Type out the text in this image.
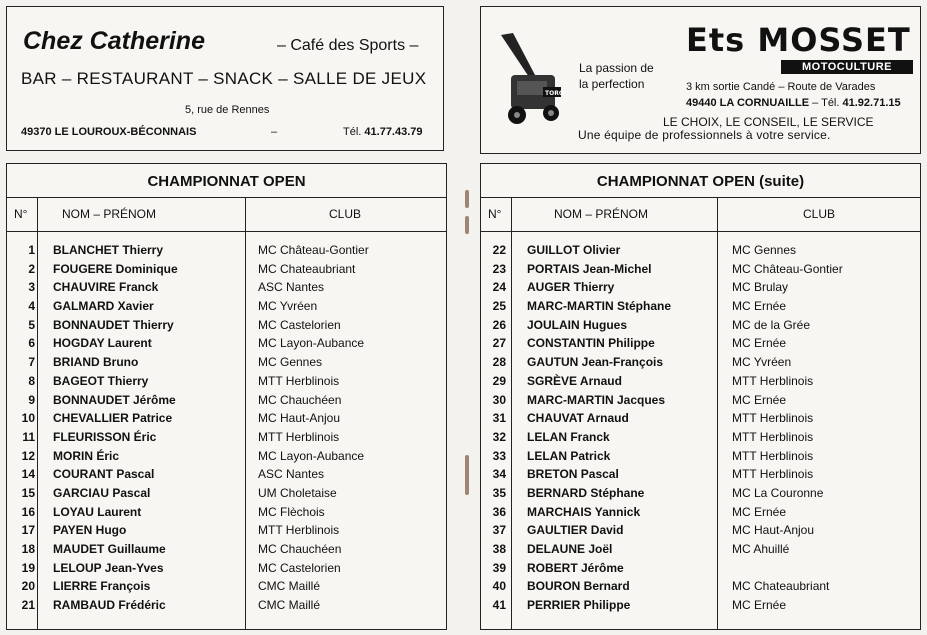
Chez Catherine	– Café des Sports –
BAR – RESTAURANT – SNACK – SALLE DE JEUX
5, rue de Rennes
49370 LE LOUROUX-BÉCONNAIS	–	Tél. 41.77.43.79
TORO
La passion de
la perfection
Ets MOSSET
MOTOCULTURE
3 km sortie Candé – Route de Varades
49440 LA CORNUAILLE – Tél. 41.92.71.15
LE CHOIX, LE CONSEIL, LE SERVICE
Une équipe de professionnels à votre service.
CHAMPIONNAT OPEN
N°	NOM – PRÉNOM	CLUB
1 BLANCHET Thierry	MC Château-Gontier
2 FOUGERE Dominique	MC Chateaubriant
3 CHAUVIRE Franck	ASC Nantes
4 GALMARD Xavier	MC Yvréen
5 BONNAUDET Thierry	MC Castelorien
6 HOGDAY Laurent	MC Layon-Aubance
7 BRIAND Bruno	MC Gennes
8 BAGEOT Thierry	MTT Herblinois
9 BONNAUDET Jérôme	MC Chauchéen
10 CHEVALLIER Patrice	MC Haut-Anjou
11 FLEURISSON Éric	MTT Herblinois
12 MORIN Éric	MC Layon-Aubance
14 COURANT Pascal	ASC Nantes
15 GARCIAU Pascal	UM Choletaise
16 LOYAU Laurent	MC Flèchois
17 PAYEN Hugo	MTT Herblinois
18 MAUDET Guillaume	MC Chauchéen
19 LELOUP Jean-Yves	MC Castelorien
20 LIERRE François	CMC Maillé
21 RAMBAUD Frédéric	CMC Maillé
CHAMPIONNAT OPEN (suite)
N°	NOM – PRÉNOM	CLUB
22 GUILLOT Olivier	MC Gennes
23 PORTAIS Jean-Michel	MC Château-Gontier
24 AUGER Thierry	MC Brulay
25 MARC-MARTIN Stéphane	MC Ernée
26 JOULAIN Hugues	MC de la Grée
27 CONSTANTIN Philippe	MC Ernée
28 GAUTUN Jean-François	MC Yvréen
29 SGRÈVE Arnaud	MTT Herblinois
30 MARC-MARTIN Jacques	MC Ernée
31 CHAUVAT Arnaud	MTT Herblinois
32 LELAN Franck	MTT Herblinois
33 LELAN Patrick	MTT Herblinois
34 BRETON Pascal	MTT Herblinois
35 BERNARD Stéphane	MC La Couronne
36 MARCHAIS Yannick	MC Ernée
37 GAULTIER David	MC Haut-Anjou
38 DELAUNE Joël	MC Ahuillé
39 ROBERT Jérôme
40 BOURON Bernard	MC Chateaubriant
41 PERRIER Philippe	MC Ernée
